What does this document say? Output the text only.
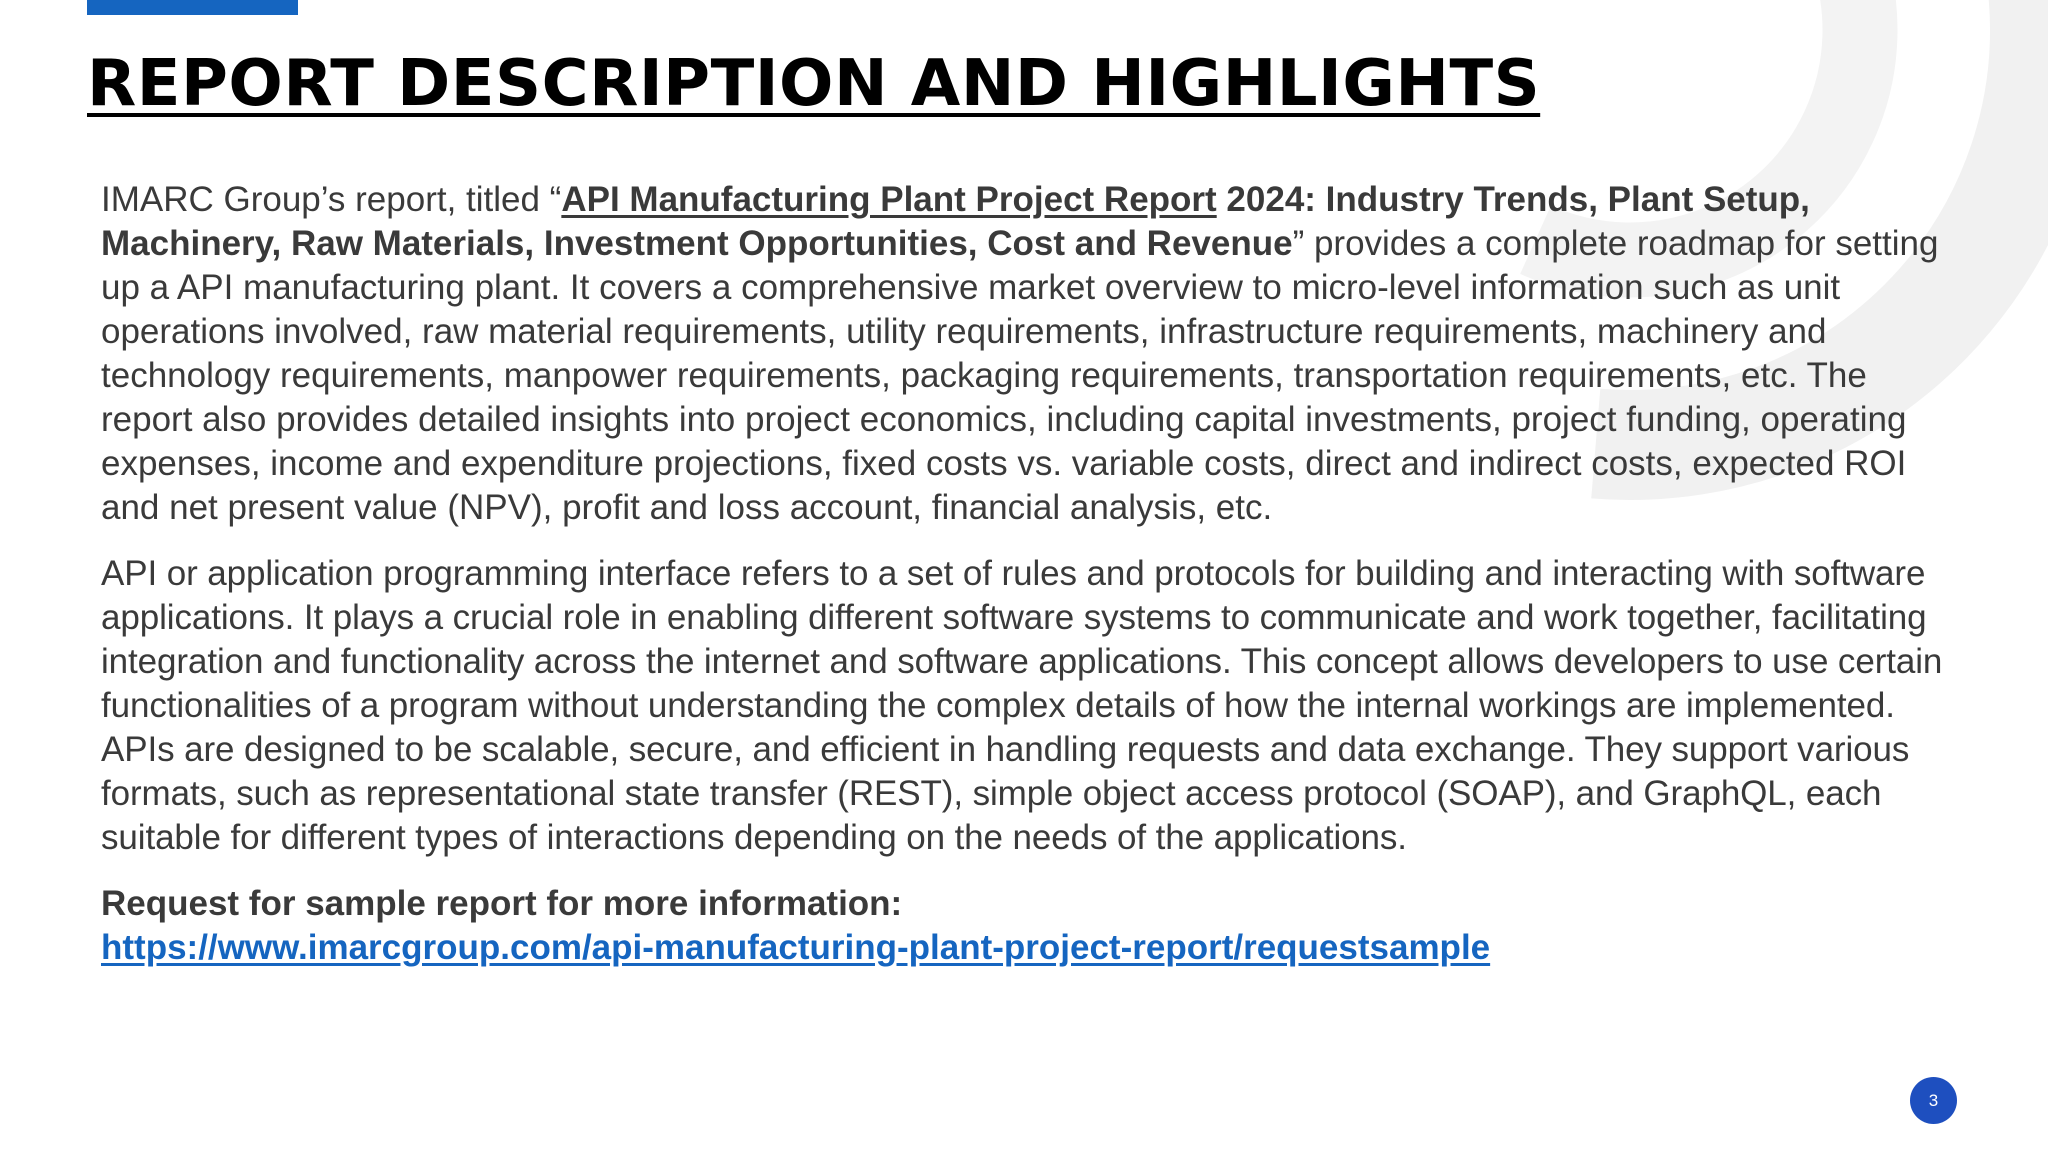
REPORT DESCRIPTION AND HIGHLIGHTS

IMARC Group’s report, titled “API Manufacturing Plant Project Report 2024: Industry Trends, Plant Setup, Machinery, Raw Materials, Investment Opportunities, Cost and Revenue” provides a complete roadmap for setting up a API manufacturing plant. It covers a comprehensive market overview to micro-level information such as unit operations involved, raw material requirements, utility requirements, infrastructure requirements, machinery and technology requirements, manpower requirements, packaging requirements, transportation requirements, etc. The report also provides detailed insights into project economics, including capital investments, project funding, operating expenses, income and expenditure projections, fixed costs vs. variable costs, direct and indirect costs, expected ROI and net present value (NPV), profit and loss account, financial analysis, etc.

API or application programming interface refers to a set of rules and protocols for building and interacting with software applications. It plays a crucial role in enabling different software systems to communicate and work together, facilitating integration and functionality across the internet and software applications. This concept allows developers to use certain functionalities of a program without understanding the complex details of how the internal workings are implemented. APIs are designed to be scalable, secure, and efficient in handling requests and data exchange. They support various formats, such as representational state transfer (REST), simple object access protocol (SOAP), and GraphQL, each suitable for different types of interactions depending on the needs of the applications.

Request for sample report for more information:
https://www.imarcgroup.com/api-manufacturing-plant-project-report/requestsample

3
